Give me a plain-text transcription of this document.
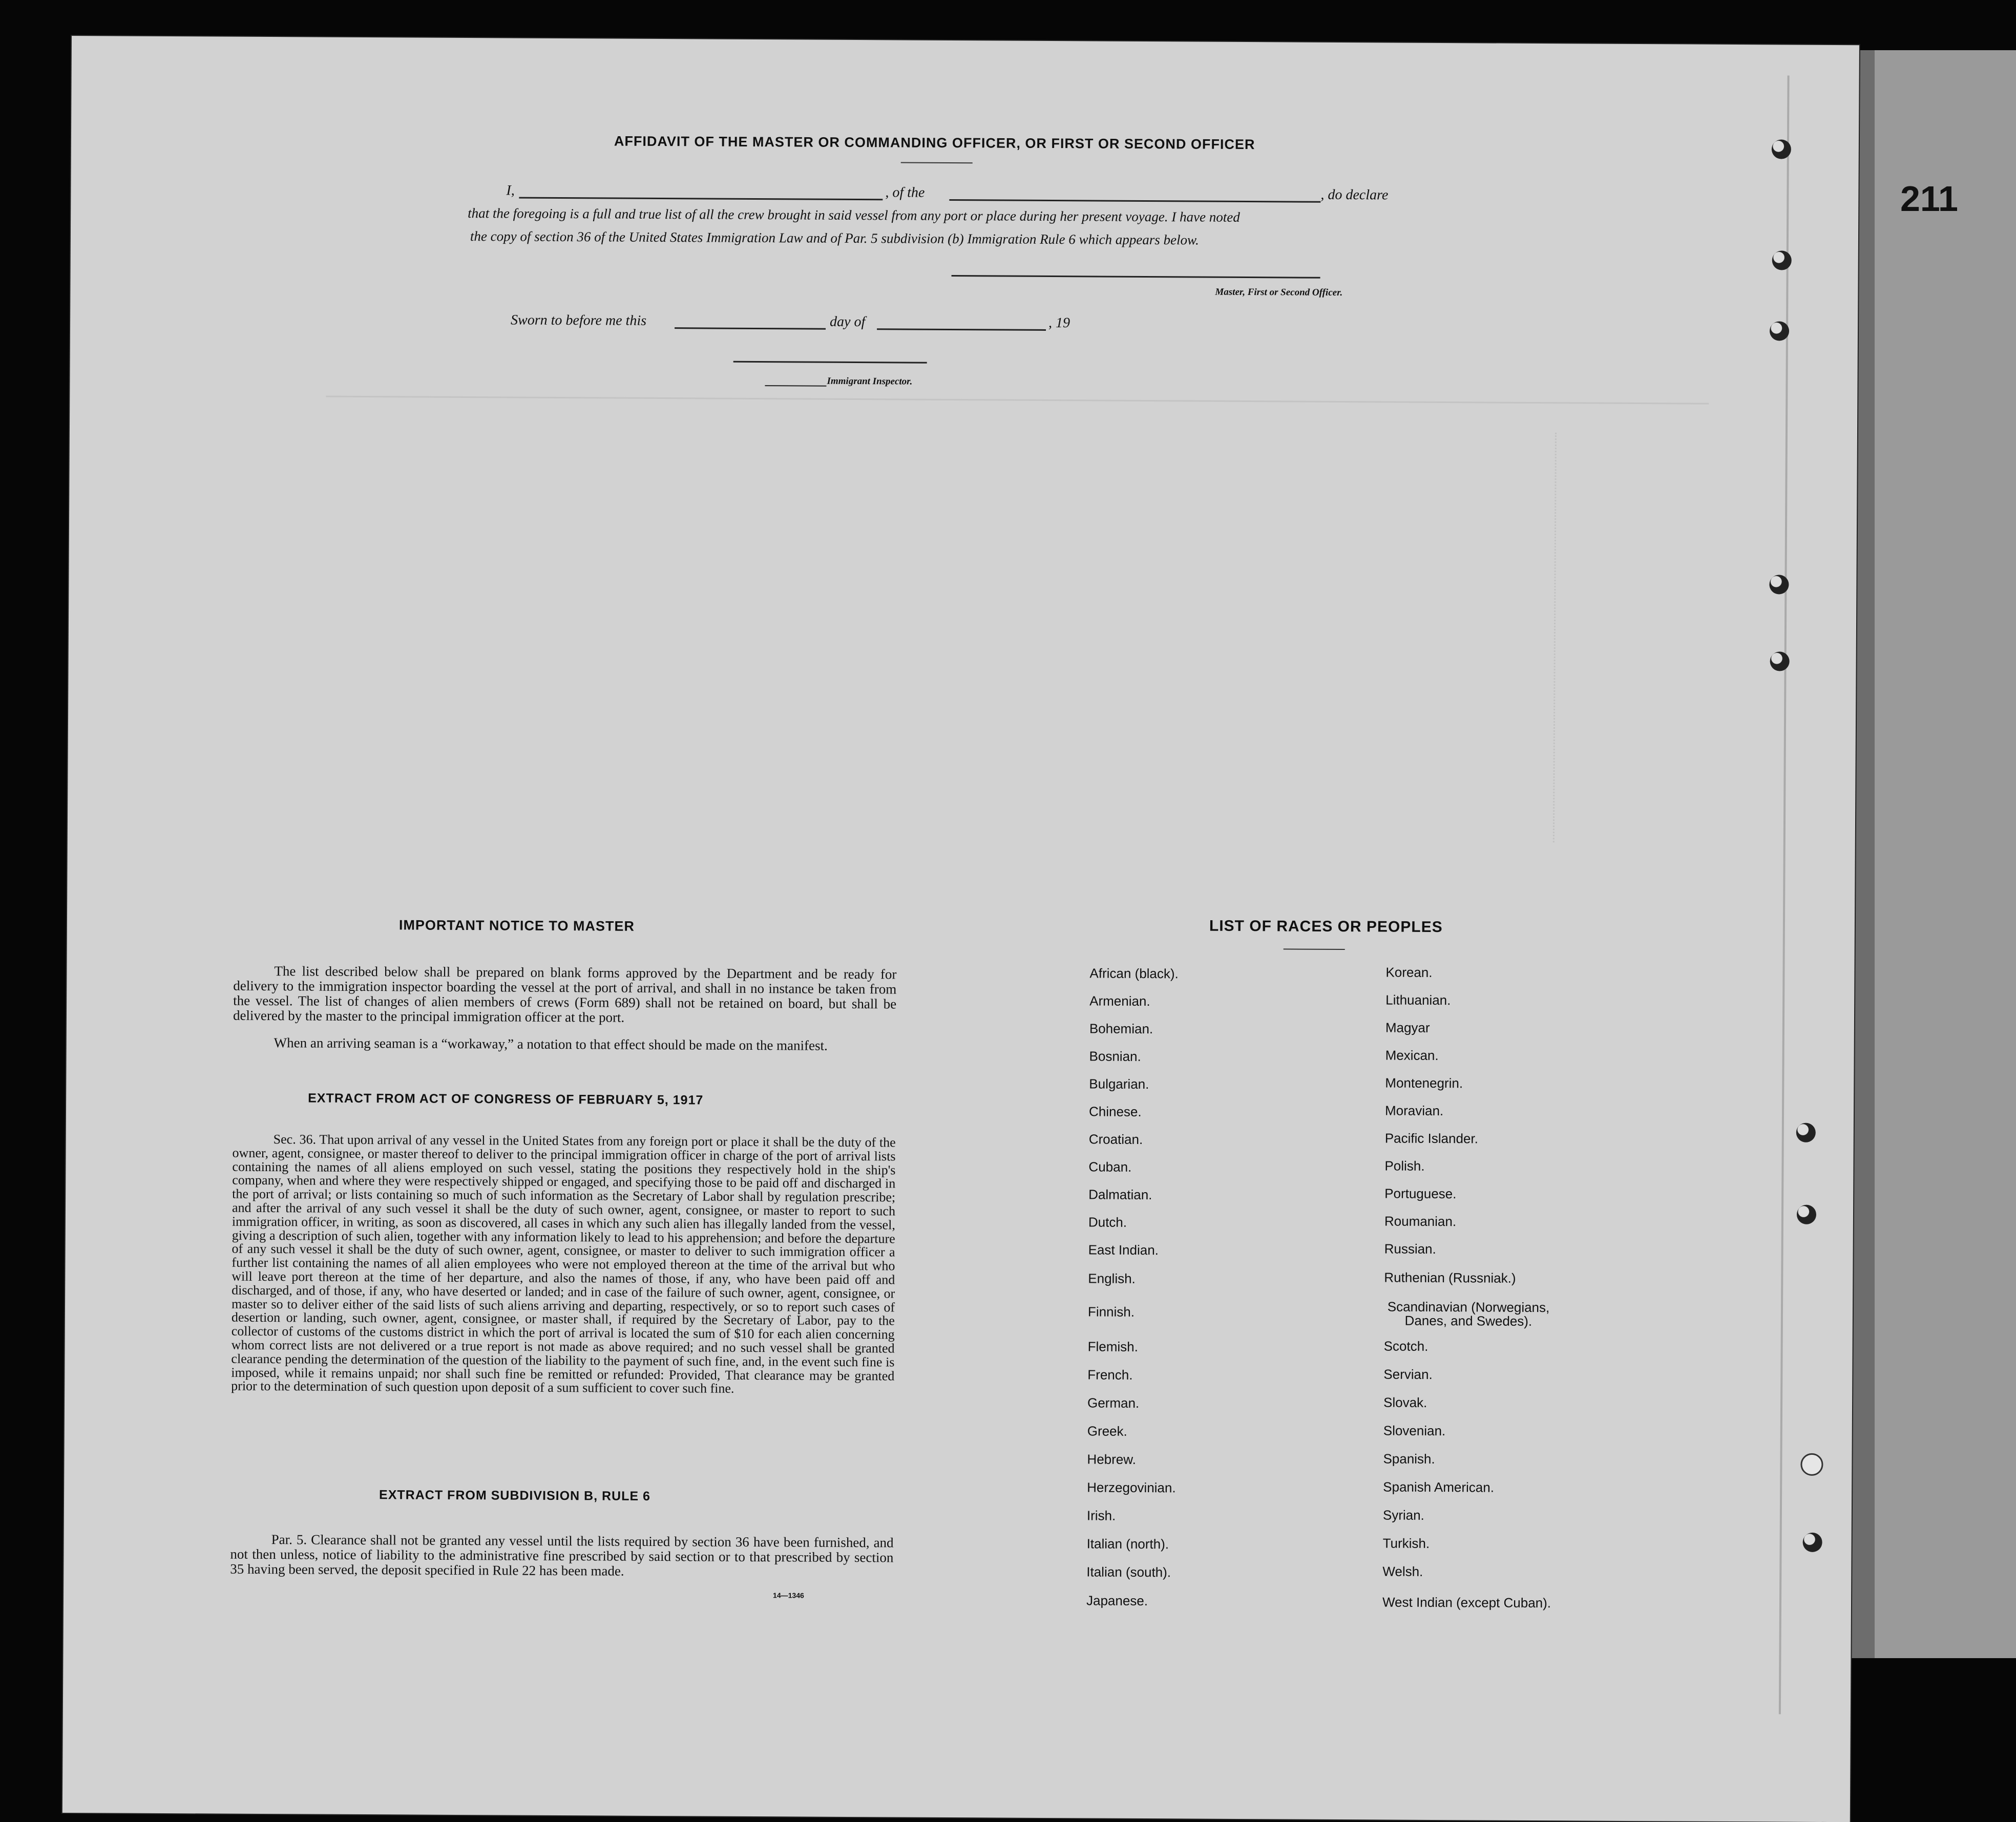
211
AFFIDAVIT OF THE MASTER OR COMMANDING OFFICER, OR FIRST OR SECOND OFFICER
I,	, of the	, do declare
that the foregoing is a full and true list of all the crew brought in said vessel from any port or place during her present voyage. I have noted
the copy of section 36 of the United States Immigration Law and of Par. 5 subdivision (b) Immigration Rule 6 which appears below.
Master, First or Second Officer.
Sworn to before me this	day of	, 19
Immigrant Inspector.
IMPORTANT NOTICE TO MASTER
The list described below shall be prepared on blank forms approved by the Department and be ready for delivery to the immigration inspector boarding the vessel at the port of arrival, and shall in no instance be taken from the vessel. The list of changes of alien members of crews (Form 689) shall not be retained on board, but shall be delivered by the master to the principal immigration officer at the port.
When an arriving seaman is a “workaway,” a notation to that effect should be made on the manifest.
EXTRACT FROM ACT OF CONGRESS OF FEBRUARY 5, 1917
Sec. 36. That upon arrival of any vessel in the United States from any foreign port or place it shall be the duty of the owner, agent, consignee, or master thereof to deliver to the principal immigration officer in charge of the port of arrival lists containing the names of all aliens employed on such vessel, stating the positions they respectively hold in the ship's company, when and where they were respectively shipped or engaged, and specifying those to be paid off and discharged in the port of arrival; or lists containing so much of such information as the Secretary of Labor shall by regulation prescribe; and after the arrival of any such vessel it shall be the duty of such owner, agent, consignee, or master to report to such immigration officer, in writing, as soon as discovered, all cases in which any such alien has illegally landed from the vessel, giving a description of such alien, together with any information likely to lead to his apprehension; and before the departure of any such vessel it shall be the duty of such owner, agent, consignee, or master to deliver to such immigration officer a further list containing the names of all alien employees who were not employed thereon at the time of the arrival but who will leave port thereon at the time of her departure, and also the names of those, if any, who have been paid off and discharged, and of those, if any, who have deserted or landed; and in case of the failure of such owner, agent, consignee, or master so to deliver either of the said lists of such aliens arriving and departing, respectively, or so to report such cases of desertion or landing, such owner, agent, consignee, or master shall, if required by the Secretary of Labor, pay to the collector of customs of the customs district in which the port of arrival is located the sum of $10 for each alien concerning whom correct lists are not delivered or a true report is not made as above required; and no such vessel shall be granted clearance pending the determination of the question of the liability to the payment of such fine, and, in the event such fine is imposed, while it remains unpaid; nor shall such fine be remitted or refunded: Provided, That clearance may be granted prior to the determination of such question upon deposit of a sum sufficient to cover such fine.
EXTRACT FROM SUBDIVISION B, RULE 6
Par. 5. Clearance shall not be granted any vessel until the lists required by section 36 have been furnished, and not then unless, notice of liability to the administrative fine prescribed by said section or to that prescribed by section 35 having been served, the deposit specified in Rule 22 has been made.
14—1346
LIST OF RACES OR PEOPLES
African (black).
Armenian.
Bohemian.
Bosnian.
Bulgarian.
Chinese.
Croatian.
Cuban.
Dalmatian.
Dutch.
East Indian.
English.
Finnish.
Flemish.
French.
German.
Greek.
Hebrew.
Herzegovinian.
Irish.
Italian (north).
Italian (south).
Japanese.
Korean.
Lithuanian.
Magyar
Mexican.
Montenegrin.
Moravian.
Pacific Islander.
Polish.
Portuguese.
Roumanian.
Russian.
Ruthenian (Russniak.)
Scandinavian (Norwegians, Danes, and Swedes).
Scotch.
Servian.
Slovak.
Slovenian.
Spanish.
Spanish American.
Syrian.
Turkish.
Welsh.
West Indian (except Cuban).
